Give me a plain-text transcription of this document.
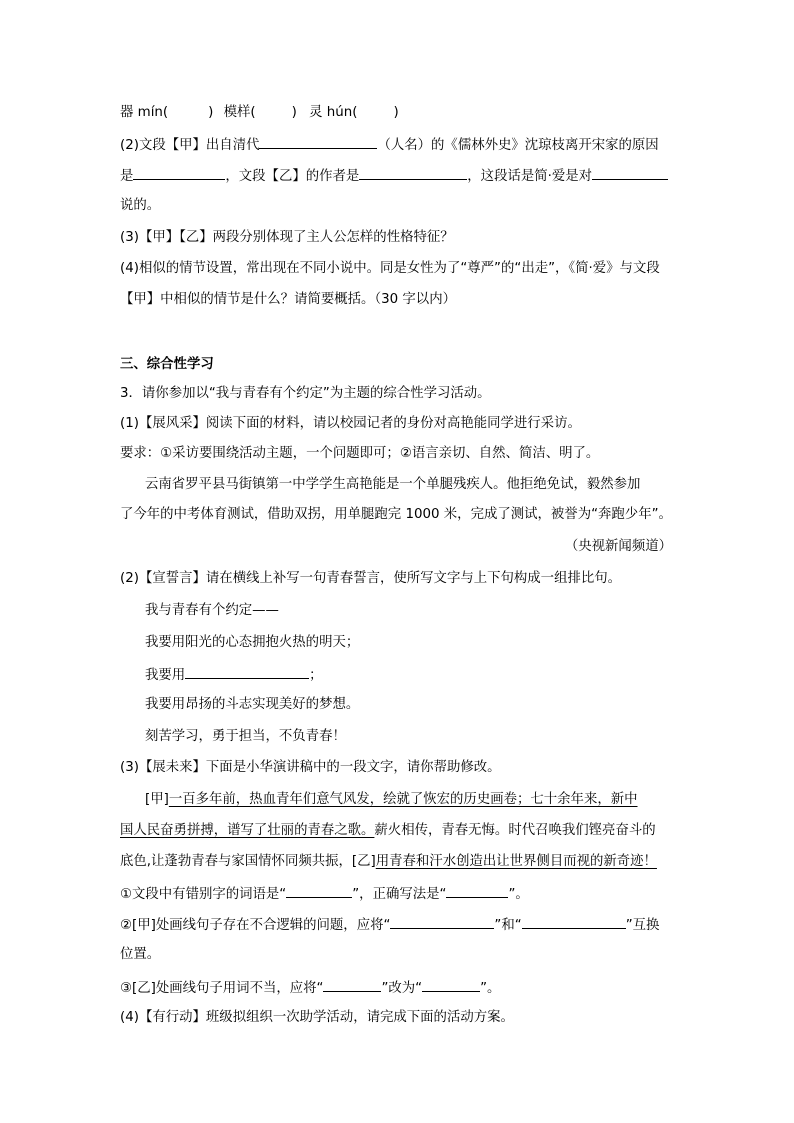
器 mín(	) 模样(	) 灵 hún(	)
(2)文段【甲】出自清代	（人名）的《儒林外史》沈琼枝离开宋家的原因
是	，文段【乙】的作者是	，这段话是简·爱是对
说的。
(3)【甲】【乙】两段分别体现了主人公怎样的性格特征？
(4)相似的情节设置，常出现在不同小说中。同是女性为了“尊严”的“出走”，《简·爱》与文段
【甲】中相似的情节是什么？请简要概括。（30 字以内）
三、综合性学习
3．请你参加以“我与青春有个约定”为主题的综合性学习活动。
(1)【展风采】阅读下面的材料，请以校园记者的身份对高艳能同学进行采访。
要求：①采访要围绕活动主题，一个问题即可；②语言亲切、自然、简洁、明了。
云南省罗平县马街镇第一中学学生高艳能是一个单腿残疾人。他拒绝免试，毅然参加
了今年的中考体育测试，借助双拐，用单腿跑完 1000 米，完成了测试，被誉为“奔跑少年”。
（央视新闻频道）
(2)【宣誓言】请在横线上补写一句青春誓言，使所写文字与上下句构成一组排比句。
我与青春有个约定——
我要用阳光的心态拥抱火热的明天；
我要用	；
我要用昂扬的斗志实现美好的梦想。
刻苦学习，勇于担当，不负青春！
(3)【展未来】下面是小华演讲稿中的一段文字，请你帮助修改。
[甲]一百多年前，热血青年们意气风发，绘就了恢宏的历史画卷；七十余年来，新中
国人民奋勇拼搏，谱写了壮丽的青春之歌。薪火相传，青春无悔。时代召唤我们铿亮奋斗的
底色,让蓬勃青春与家国情怀同频共振，[乙]用青春和汗水创造出让世界侧目而视的新奇迹！
①文段中有错别字的词语是“	”，正确写法是“	”。
②[甲]处画线句子存在不合逻辑的问题，应将“	”和“	”互换
位置。
③[乙]处画线句子用词不当，应将“	”改为“	”。
(4)【有行动】班级拟组织一次助学活动，请完成下面的活动方案。
